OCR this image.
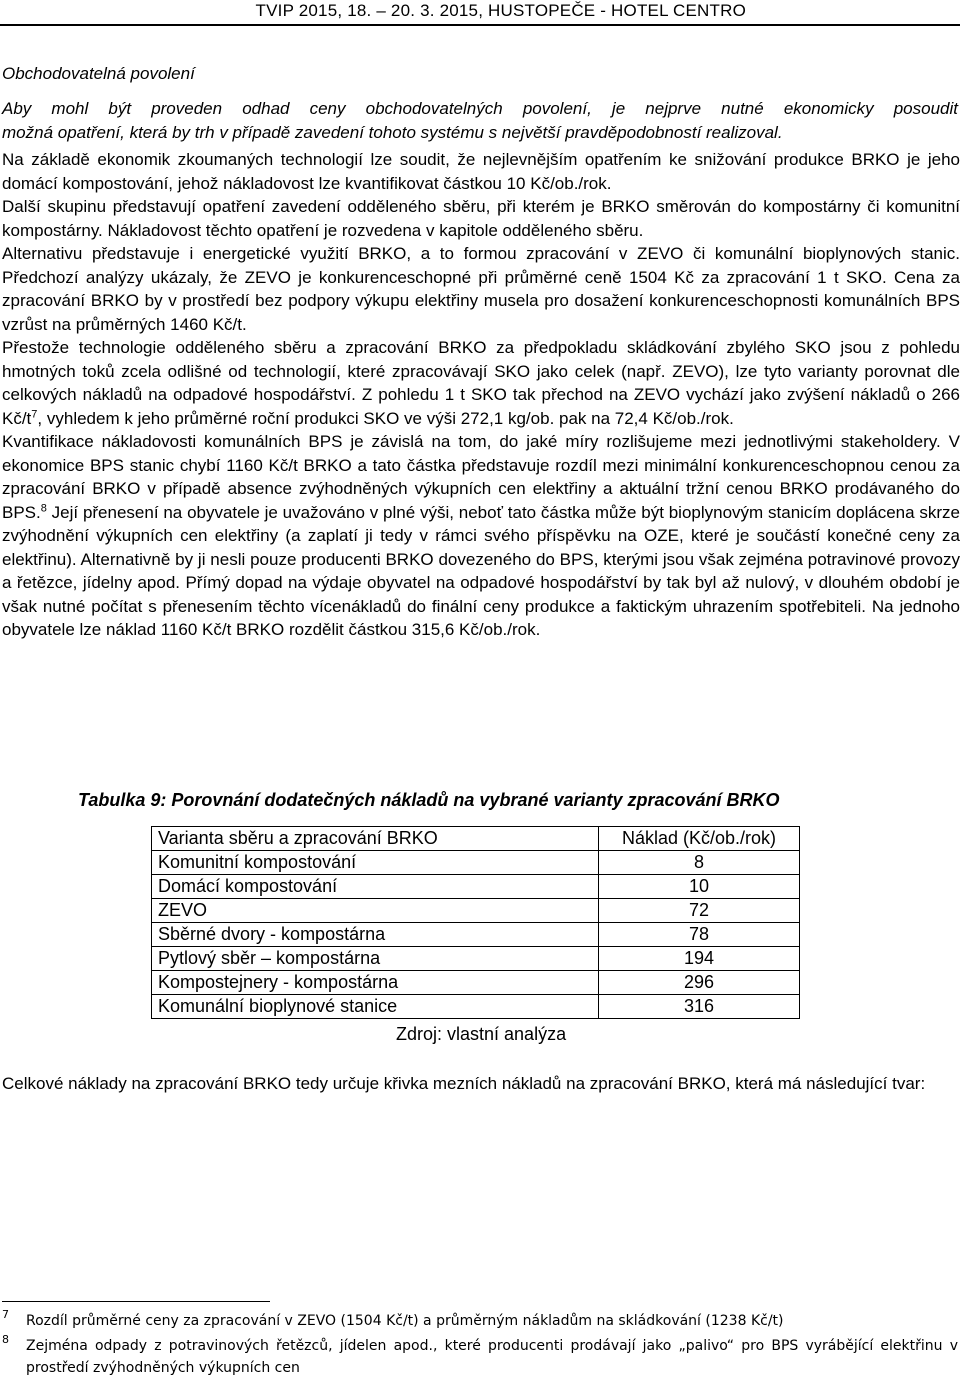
TVIP 2015, 18. – 20. 3. 2015, HUSTOPEČE - HOTEL CENTRO
Obchodovatelná povolení
Aby mohl být proveden odhad ceny obchodovatelných povolení, je nejprve nutné ekonomicky posoudit
možná opatření, která by trh v případě zavedení tohoto systému s největší pravděpodobností realizoval.

Na základě ekonomik zkoumaných technologií lze soudit, že nejlevnějším opatřením ke snižování produkce BRKO je jeho domácí kompostování, jehož nákladovost lze kvantifikovat částkou 10 Kč/ob./rok.

Další skupinu představují opatření zavedení odděleného sběru, při kterém je BRKO směrován do kompostárny či komunitní kompostárny. Nákladovost těchto opatření je rozvedena v kapitole odděleného sběru.

Alternativu představuje i energetické využití BRKO, a to formou zpracování v ZEVO či komunální bioplynových stanic. Předchozí analýzy ukázaly, že ZEVO je konkurenceschopné při průměrné ceně 1504 Kč za zpracování 1 t SKO. Cena za zpracování BRKO by v prostředí bez podpory výkupu elektřiny musela pro dosažení konkurenceschopnosti komunálních BPS vzrůst na průměrných 1460 Kč/t.

Přestože technologie odděleného sběru a zpracování BRKO za předpokladu skládkování zbylého SKO jsou z pohledu hmotných toků zcela odlišné od technologií, které zpracovávají SKO jako celek (např. ZEVO), lze tyto varianty porovnat dle celkových nákladů na odpadové hospodářství. Z pohledu 1 t SKO tak přechod na ZEVO vychází jako zvýšení nákladů o 266 $Kč/t^7$, vyhledem k jeho průměrné roční produkci SKO ve výši 272,1 kg/ob. pak na 72,4 Kč/ob./rok.

Kvantifikace nákladovosti komunálních BPS je závislá na tom, do jaké míry rozlišujeme mezi jednotlivými stakeholdery. V ekonomice BPS stanic chybí 1160 Kč/t BRKO a tato částka představuje rozdíl mezi minimální konkurenceschopnou cenou za zpracování BRKO v případě absence zvýhodněných výkupních cen elektřiny a aktuální tržní cenou BRKO prodávaného do BPS.$^8$ Její přenesení na obyvatele je uvažováno v plné výši, neboť tato částka může být bioplynovým stanicím doplácena skrze zvýhodnění výkupních cen elektřiny (a zaplatí ji tedy v rámci svého příspěvku na OZE, které je součástí konečné ceny za elektřinu). Alternativně by ji nesli pouze producenti BRKO dovezeného do BPS, kterými jsou však zejména potravinové provozy a řetězce, jídelny apod. Přímý dopad na výdaje obyvatel na odpadové hospodářství by tak byl až nulový, v dlouhém období je však nutné počítat s přenesením těchto vícenákladů do finální ceny produkce a faktickým uhrazením spotřebiteli. Na jednoho obyvatele lze náklad 1160 Kč/t BRKO rozdělit částkou 315,6 Kč/ob./rok.

Tabulka 9: Porovnání dodatečných nákladů na vybrané varianty zpracování BRKO
Varianta sběru a zpracování BRKO	Náklad (Kč/ob./rok)
Komunitní kompostování	8
Domácí kompostování	10
ZEVO	72
Sběrné dvory - kompostárna	78
Pytlový sběr – kompostárna	194
Kompostejnery - kompostárna	296
Komunální bioplynové stanice	316
Zdroj: vlastní analýza
Celkové náklady na zpracování BRKO tedy určuje křivka mezních nákladů na zpracování BRKO, která má následující tvar:
7 Rozdíl průměrné ceny za zpracování v ZEVO (1504 Kč/t) a průměrným nákladům na skládkování (1238 Kč/t)
8 Zejména odpady z potravinových řetězců, jídelen apod., které producenti prodávají jako „palivo“ pro BPS vyrábějící elektřinu v prostředí zvýhodněných výkupních cen
